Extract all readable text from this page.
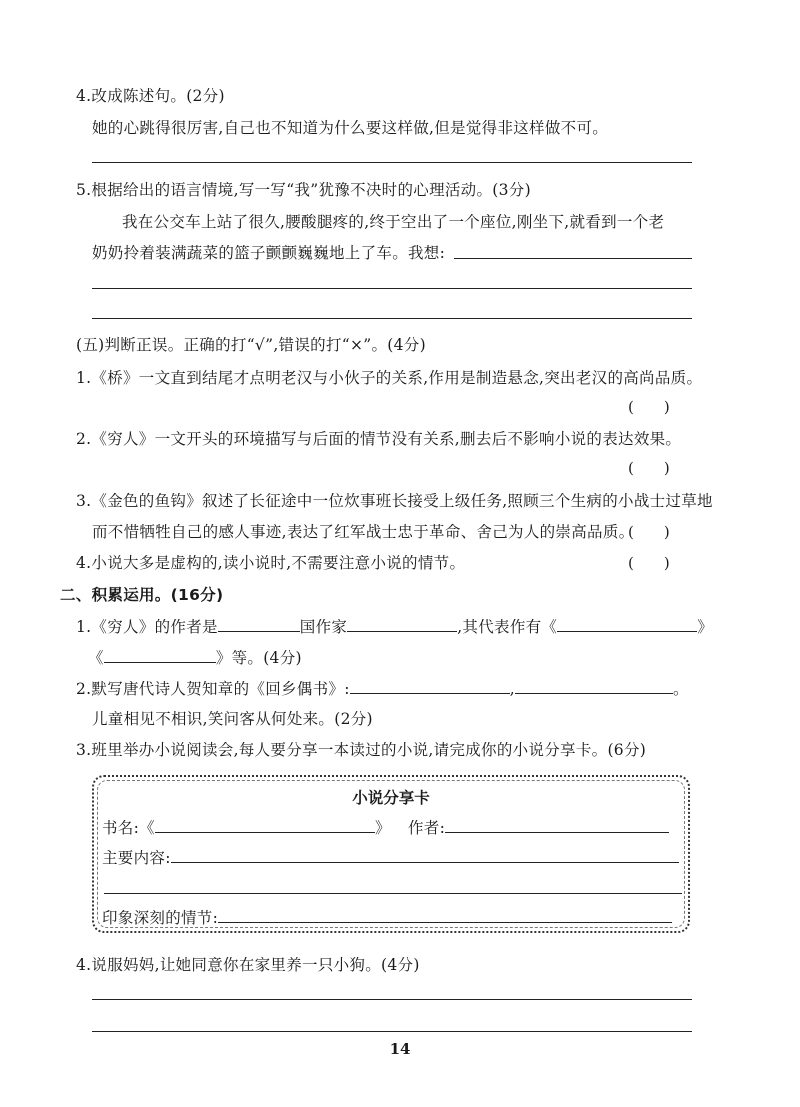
4.改成陈述句。(2分)
她的心跳得很厉害,自己也不知道为什么要这样做,但是觉得非这样做不可。
5.根据给出的语言情境,写一写“我”犹豫不决时的心理活动。(3分)
我在公交车上站了很久,腰酸腿疼的,终于空出了一个座位,刚坐下,就看到一个老
奶奶拎着装满蔬菜的篮子颤颤巍巍地上了车。我想:
(五)判断正误。正确的打“√”,错误的打“×”。(4分)
1.《桥》一文直到结尾才点明老汉与小伙子的关系,作用是制造悬念,突出老汉的高尚品质。
(　　)
2.《穷人》一文开头的环境描写与后面的情节没有关系,删去后不影响小说的表达效果。
(　　)
3.《金色的鱼钩》叙述了长征途中一位炊事班长接受上级任务,照顾三个生病的小战士过草地
而不惜牺牲自己的感人事迹,表达了红军战士忠于革命、舍己为人的崇高品质。
(　　)
4.小说大多是虚构的,读小说时,不需要注意小说的情节。	(　　)
二、积累运用。(16分)
1.《穷人》的作者是	国作家	,其代表作有《	》
《	》等。(4分)
2.默写唐代诗人贺知章的《回乡偶书》:	,	。
儿童相见不相识,笑问客从何处来。(2分)
3.班里举办小说阅读会,每人要分享一本读过的小说,请完成你的小说分享卡。(6分)
小说分享卡
书名:《	》 作者:
主要内容:
印象深刻的情节:
4.说服妈妈,让她同意你在家里养一只小狗。(4分)
14
